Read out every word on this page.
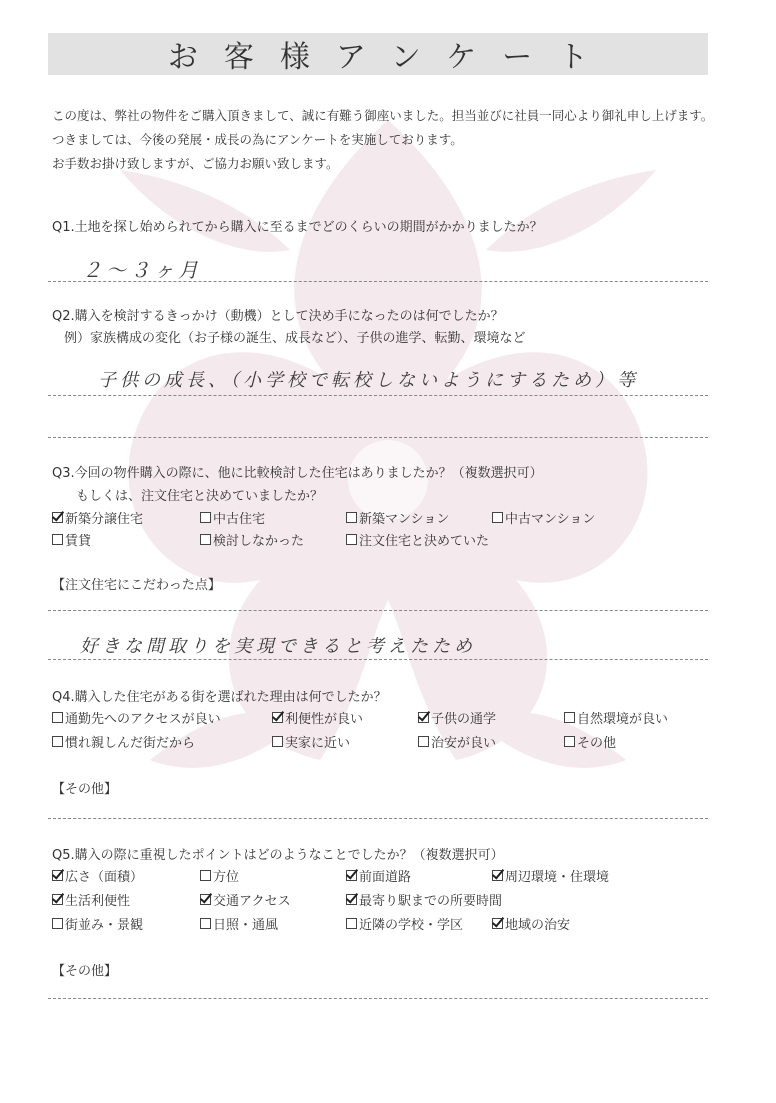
お客様アンケート
この度は、弊社の物件をご購入頂きまして、誠に有難う御座いました。担当並びに社員一同心より御礼申し上げます。
つきましては、今後の発展・成長の為にアンケートを実施しております。
お手数お掛け致しますが、ご協力お願い致します。
Q1.土地を探し始められてから購入に至るまでどのくらいの期間がかかりましたか？
２～３ヶ月
Q2.購入を検討するきっかけ（動機）として決め手になったのは何でしたか？
例）家族構成の変化（お子様の誕生、成長など）、子供の進学、転勤、環境など
子供の成長、（小学校で転校しないようにするため）等
Q3.今回の物件購入の際に、他に比較検討した住宅はありましたか？（複数選択可）
もしくは、注文住宅と決めていましたか？
新築分譲住宅	中古住宅	新築マンション	中古マンション
賃貸	検討しなかった	注文住宅と決めていた
【注文住宅にこだわった点】
好きな間取りを実現できると考えたため
Q4.購入した住宅がある街を選ばれた理由は何でしたか？
通勤先へのアクセスが良い	利便性が良い	子供の通学	自然環境が良い
慣れ親しんだ街だから	実家に近い	治安が良い	その他
【その他】
Q5.購入の際に重視したポイントはどのようなことでしたか？（複数選択可）
広さ（面積）	方位	前面道路	周辺環境・住環境
生活利便性	交通アクセス	最寄り駅までの所要時間
街並み・景観	日照・通風	近隣の学校・学区	地域の治安
【その他】
